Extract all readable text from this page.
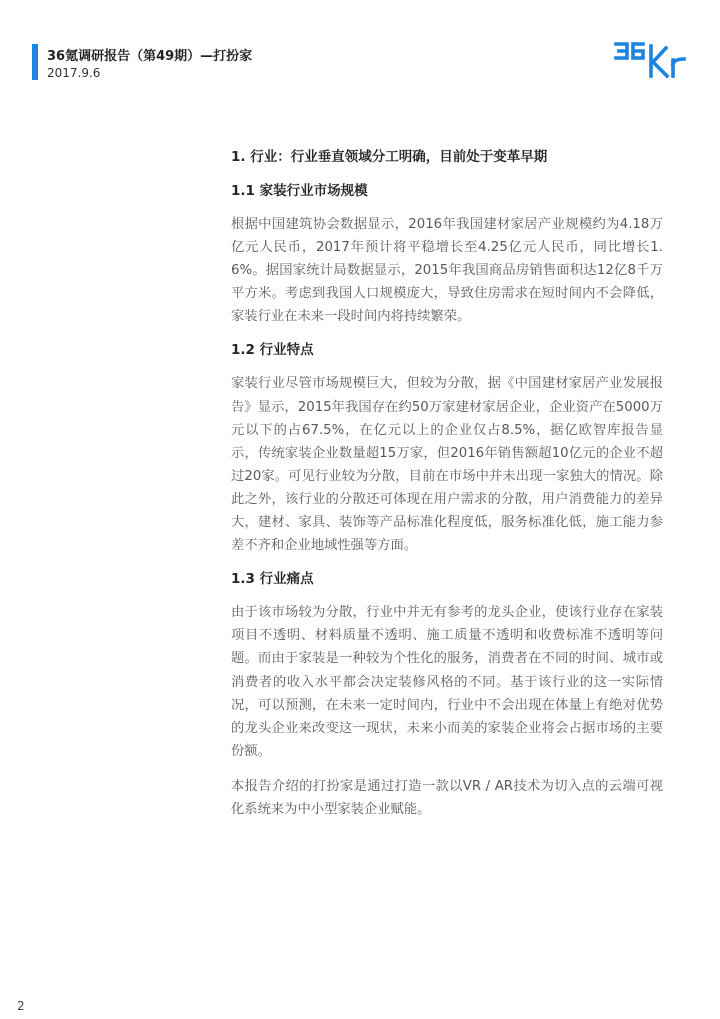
36氪调研报告（第49期）—打扮家
2017.9.6
1. 行业：行业垂直领域分工明确，目前处于变革早期
1.1 家装行业市场规模

根据中国建筑协会数据显示，2016年我国建材家居产业规模约为4.18万亿元人民币，2017年预计将平稳增长至4.25亿元人民币，同比增长1.6%。据国家统计局数据显示，2015年我国商品房销售面积达12亿8千万平方米。考虑到我国人口规模庞大，导致住房需求在短时间内不会降低，家装行业在未来一段时间内将持续繁荣。

1.2 行业特点

家装行业尽管市场规模巨大，但较为分散，据《中国建材家居产业发展报告》显示，2015年我国存在约50万家建材家居企业，企业资产在5000万元以下的占67.5%，在亿元以上的企业仅占8.5%，据亿欧智库报告显示，传统家装企业数量超15万家，但2016年销售额超10亿元的企业不超过20家。可见行业较为分散，目前在市场中并未出现一家独大的情况。除此之外，该行业的分散还可体现在用户需求的分散，用户消费能力的差异大，建材、家具、装饰等产品标准化程度低，服务标准化低，施工能力参差不齐和企业地域性强等方面。

1.3 行业痛点

由于该市场较为分散，行业中并无有参考的龙头企业，使该行业存在家装项目不透明、材料质量不透明、施工质量不透明和收费标准不透明等问题。而由于家装是一种较为个性化的服务，消费者在不同的时间、城市或消费者的收入水平都会决定装修风格的不同。基于该行业的这一实际情况，可以预测，在未来一定时间内，行业中不会出现在体量上有绝对优势的龙头企业来改变这一现状，未来小而美的家装企业将会占据市场的主要份额。

本报告介绍的打扮家是通过打造一款以VR / AR技术为切入点的云端可视化系统来为中小型家装企业赋能。

2
